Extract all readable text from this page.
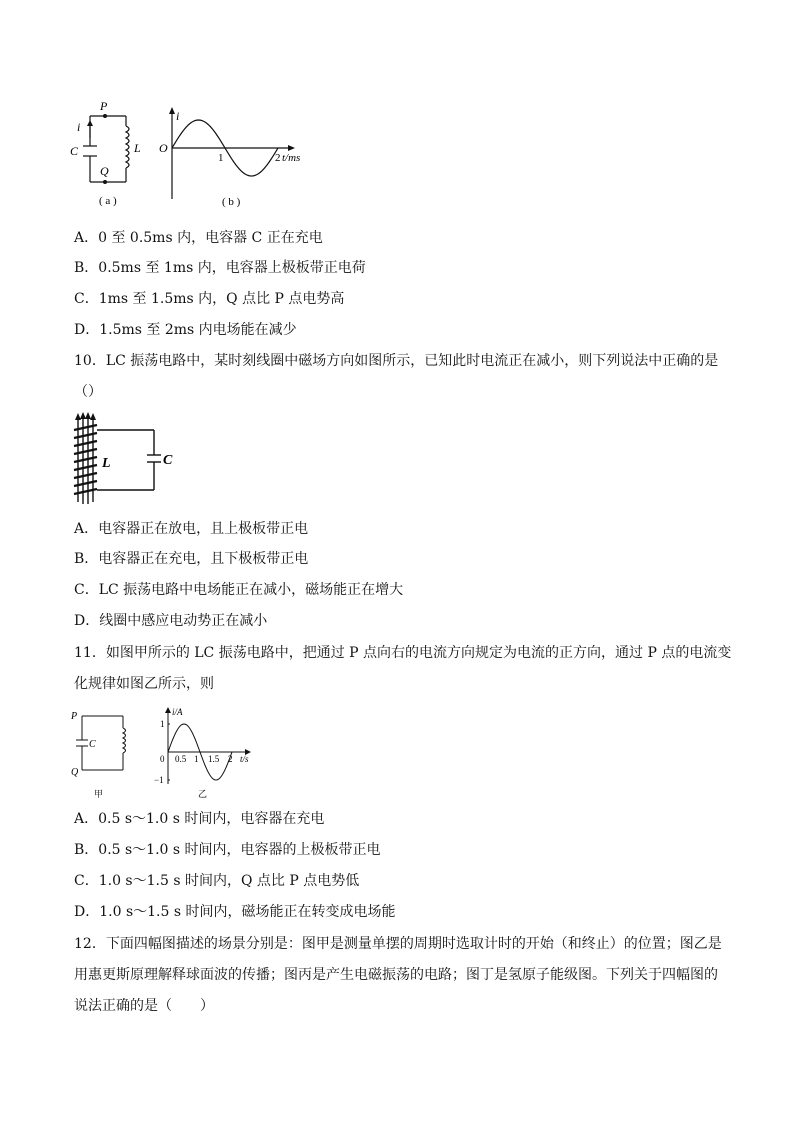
P
Q
i
C	L
( a )
i
O
1	2 t/ms
( b )
A．0 至 0.5ms 内，电容器 C 正在充电
B．0.5ms 至 1ms 内，电容器上极板带正电荷
C．1ms 至 1.5ms 内，Q 点比 P 点电势高
D．1.5ms 至 2ms 内电场能在减少
10．LC 振荡电路中，某时刻线圈中磁场方向如图所示，已知此时电流正在减小，则下列说法中正确的是
（）
L	C
A．电容器正在放电，且上极板带正电
B．电容器正在充电，且下极板带正电
C．LC 振荡电路中电场能正在减小，磁场能正在增大
D．线圈中感应电动势正在减小
11．如图甲所示的 LC 振荡电路中，把通过 P 点向右的电流方向规定为电流的正方向，通过 P 点的电流变
化规律如图乙所示，则
P
C
Q
甲
i/A
1
0
−1
0.5 1 1.5 2 t/s
乙
A．0.5 s～1.0 s 时间内，电容器在充电
B．0.5 s～1.0 s 时间内，电容器的上极板带正电
C．1.0 s～1.5 s 时间内，Q 点比 P 点电势低
D．1.0 s～1.5 s 时间内，磁场能正在转变成电场能
12．下面四幅图描述的场景分别是：图甲是测量单摆的周期时选取计时的开始（和终止）的位置；图乙是
用惠更斯原理解释球面波的传播；图丙是产生电磁振荡的电路；图丁是氢原子能级图。下列关于四幅图的
说法正确的是（　　）
